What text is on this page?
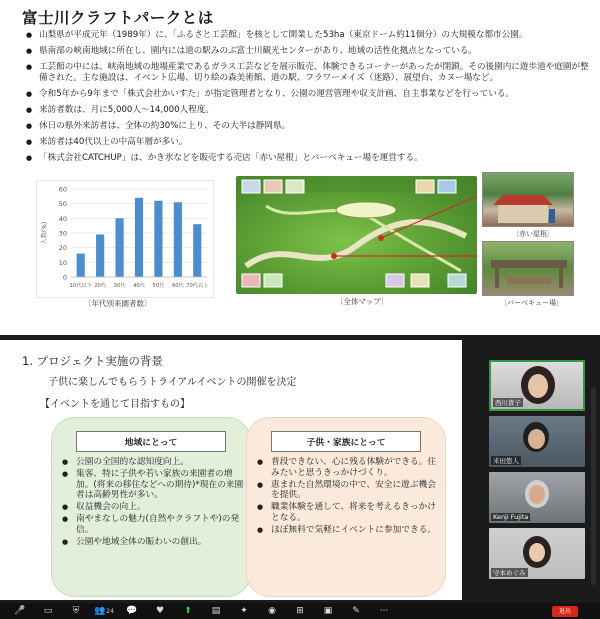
富士川クラフトパークとは
● 山梨県が平成元年（1989年）に、「ふるさと工芸館」を核として開業した53ha（東京ドーム約11個分）の大規模な都市公園。
● 県南部の峡南地域に所在し、園内には道の駅みのぶ富士川観光センターがあり、地域の活性化拠点となっている。
● 工芸館の中には、峡南地域の地場産業であるガラス工芸などを展示販売、体験できるコーナーがあったが閉鎖。その後園内に遊歩道や庭園が整備された。主な施設は、イベント広場、切り絵の森美術館、道の駅、フラワーメイズ（迷路）、展望台、カヌー場など。
● 令和5年から9年まで「株式会社かいすた」が指定管理者となり、公園の運営管理や収支計画、自主事業などを行っている。
● 来訪者数は、月に5,000人～14,000人程度。
● 休日の県外来訪者は、全体の約30%に上り、その大半は静岡県。
● 来訪者は40代以上の中高年層が多い。
● 「株式会社CATCHUP」は、かき氷などを販売する売店「赤い屋根」とバーベキュー場を運営する。
0
10
20
30
40
50
60
人数(%)
10代以下 20代 30代 40代 50代 60代 70代以上
〔年代別来園者数〕	〔全体マップ〕
〔赤い屋根〕
〔バーベキュー場〕
1. プロジェクト実施の背景
子供に楽しんでもらうトライアルイベントの開催を決定
【イベントを通じて目指すもの】
地域にとって
● 公園の全国的な認知度向上。
● 集客、特に子供や若い家族の来園者の増加。(将来の移住などへの期待)*現在の来園者は高齢男性が多い。
● 収益機会の向上。
● 南やまなしの魅力(自然やクラフトや)の発信。
● 公園や地域全体の賑わいの創出。
子供・家族にとって
● 普段できない、心に残る体験ができる。住みたいと思うきっかけづくり。
● 恵まれた自然環境の中で、安全に遊ぶ機会を提供。
● 職業体験を通して、将来を考えるきっかけとなる。
● ほぼ無料で気軽にイベントに参加できる。
西川貴子
米田悠人
Kenji Fujita
守本めぐみ
🎤	▭	⛨	👥 24	💬	♥	⬆	▤	✦	◉	⊞	▣	✎	⋯	退出
